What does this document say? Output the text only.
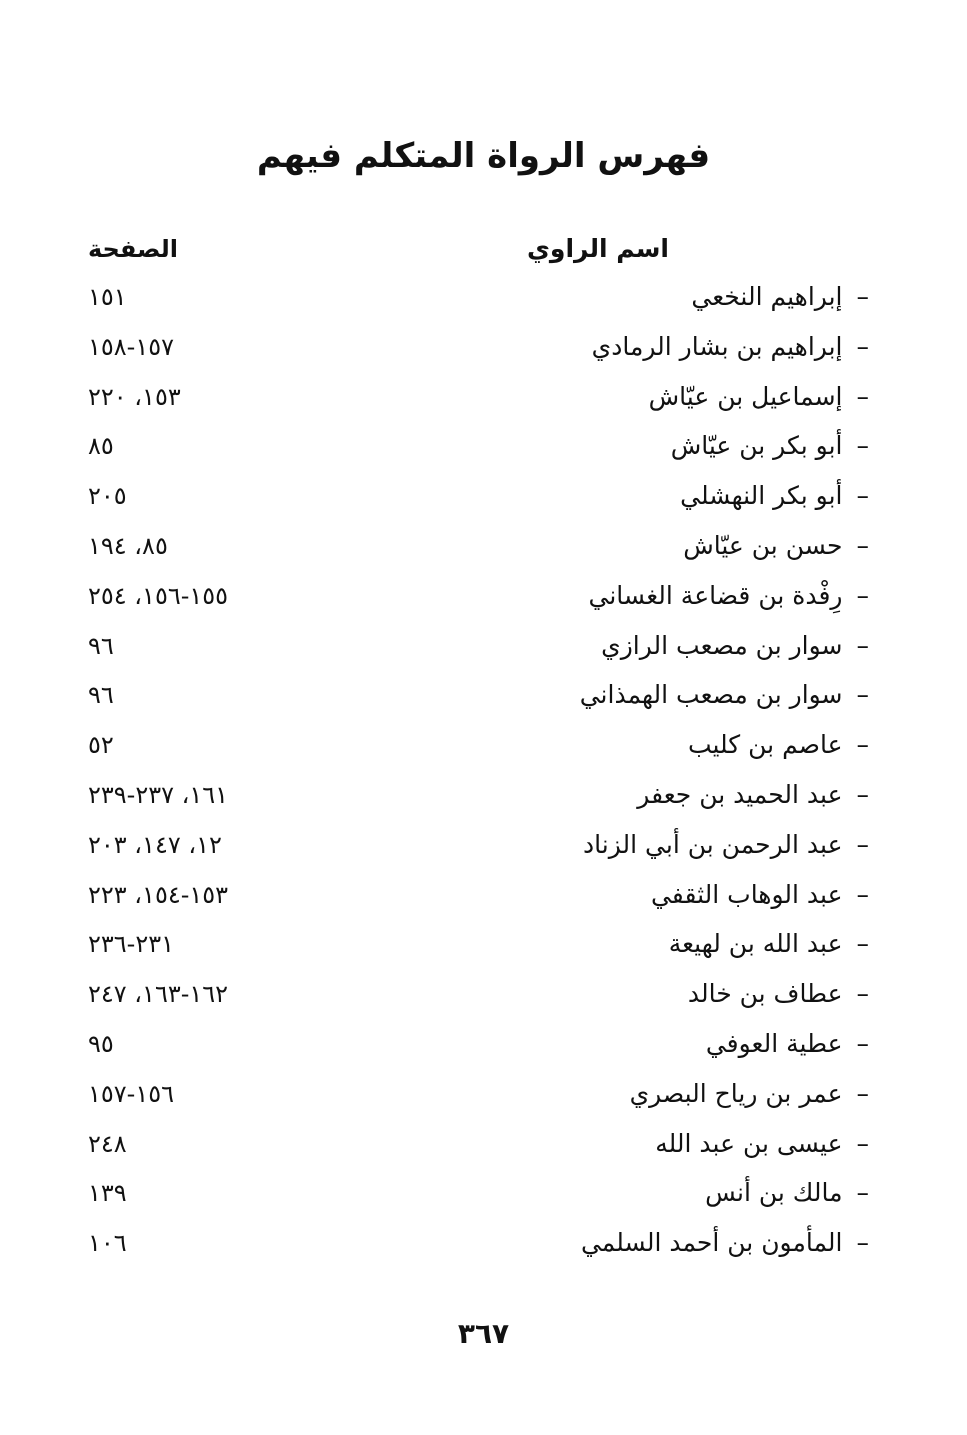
فهرس الرواة المتكلم فيهم
اسم الراوي
الصفحة
–إبراهيم النخعي
١٥١
–إبراهيم بن بشار الرمادي
١٥٧-١٥٨
–إسماعيل بن عيّاش
١٥٣، ٢٢٠
–أبو بكر بن عيّاش
٨٥
–أبو بكر النهشلي
٢٠٥
–حسن بن عيّاش
٨٥، ١٩٤
–رِفْدة بن قضاعة الغساني
١٥٥-١٥٦، ٢٥٤
–سوار بن مصعب الرازي
٩٦
–سوار بن مصعب الهمذاني
٩٦
–عاصم بن كليب
٥٢
–عبد الحميد بن جعفر
١٦١، ٢٣٧-٢٣٩
–عبد الرحمن بن أبي الزناد
١٢، ١٤٧، ٢٠٣
–عبد الوهاب الثقفي
١٥٣-١٥٤، ٢٢٣
–عبد الله بن لهيعة
٢٣١-٢٣٦
–عطاف بن خالد
١٦٢-١٦٣، ٢٤٧
–عطية العوفي
٩٥
–عمر بن رياح البصري
١٥٦-١٥٧
–عيسى بن عبد الله
٢٤٨
–مالك بن أنس
١٣٩
–المأمون بن أحمد السلمي
١٠٦
٣٦٧
